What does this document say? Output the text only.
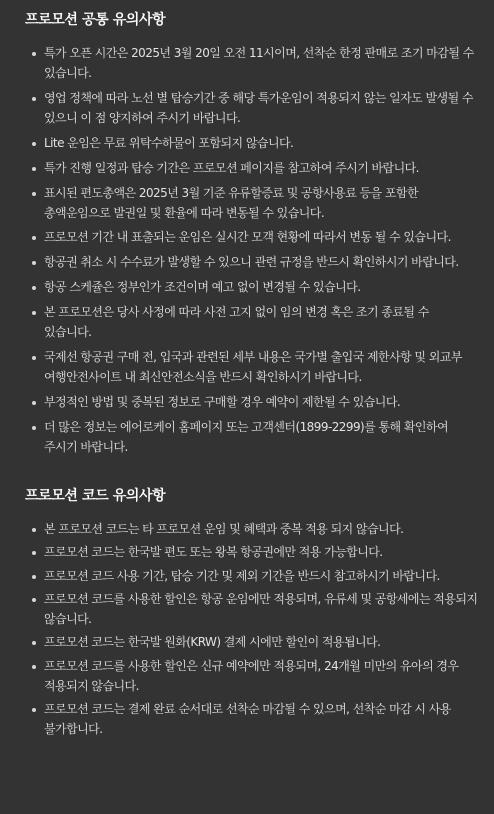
프로모션 공통 유의사항
특가 오픈 시간은 2025년 3월 20일 오전 11시이며, 선착순 한정 판매로 조기 마감될 수 있습니다.
영업 정책에 따라 노선 별 탑승기간 중 해당 특가운임이 적용되지 않는 일자도 발생될 수 있으니 이 점 양지하여 주시기 바랍니다.
Lite 운임은 무료 위탁수하물이 포함되지 않습니다.
특가 진행 일정과 탑승 기간은 프로모션 페이지를 참고하여 주시기 바랍니다.
표시된 편도총액은 2025년 3월 기준 유류할증료 및 공항사용료 등을 포함한 총액운임으로 발권일 및 환율에 따라 변동될 수 있습니다.
프로모션 기간 내 표출되는 운임은 실시간 모객 현황에 따라서 변동 될 수 있습니다.
항공권 취소 시 수수료가 발생할 수 있으니 관련 규정을 반드시 확인하시기 바랍니다.
항공 스케쥴은 정부인가 조건이며 예고 없이 변경될 수 있습니다.
본 프로모션은 당사 사정에 따라 사전 고지 없이 임의 변경 혹은 조기 종료될 수 있습니다.
국제선 항공권 구매 전, 입국과 관련된 세부 내용은 국가별 출입국 제한사항 및 외교부 여행안전사이트 내 최신안전소식을 반드시 확인하시기 바랍니다.
부정적인 방법 및 중복된 정보로 구매할 경우 예약이 제한될 수 있습니다.
더 많은 정보는 에어로케이 홈페이지 또는 고객센터(1899-2299)를 통해 확인하여 주시기 바랍니다.
프로모션 코드 유의사항
본 프로모션 코드는 타 프로모션 운임 및 혜택과 중복 적용 되지 않습니다.
프로모션 코드는 한국발 편도 또는 왕복 항공권에만 적용 가능합니다.
프로모션 코드 사용 기간, 탑승 기간 및 제외 기간을 반드시 참고하시기 바랍니다.
프로모션 코드를 사용한 할인은 항공 운임에만 적용되며, 유류세 및 공항세에는 적용되지 않습니다.
프로모션 코드는 한국발 원화(KRW) 결제 시에만 할인이 적용됩니다.
프로모션 코드를 사용한 할인은 신규 예약에만 적용되며, 24개월 미만의 유아의 경우 적용되지 않습니다.
프로모션 코드는 결제 완료 순서대로 선착순 마감될 수 있으며, 선착순 마감 시 사용 불가합니다.
